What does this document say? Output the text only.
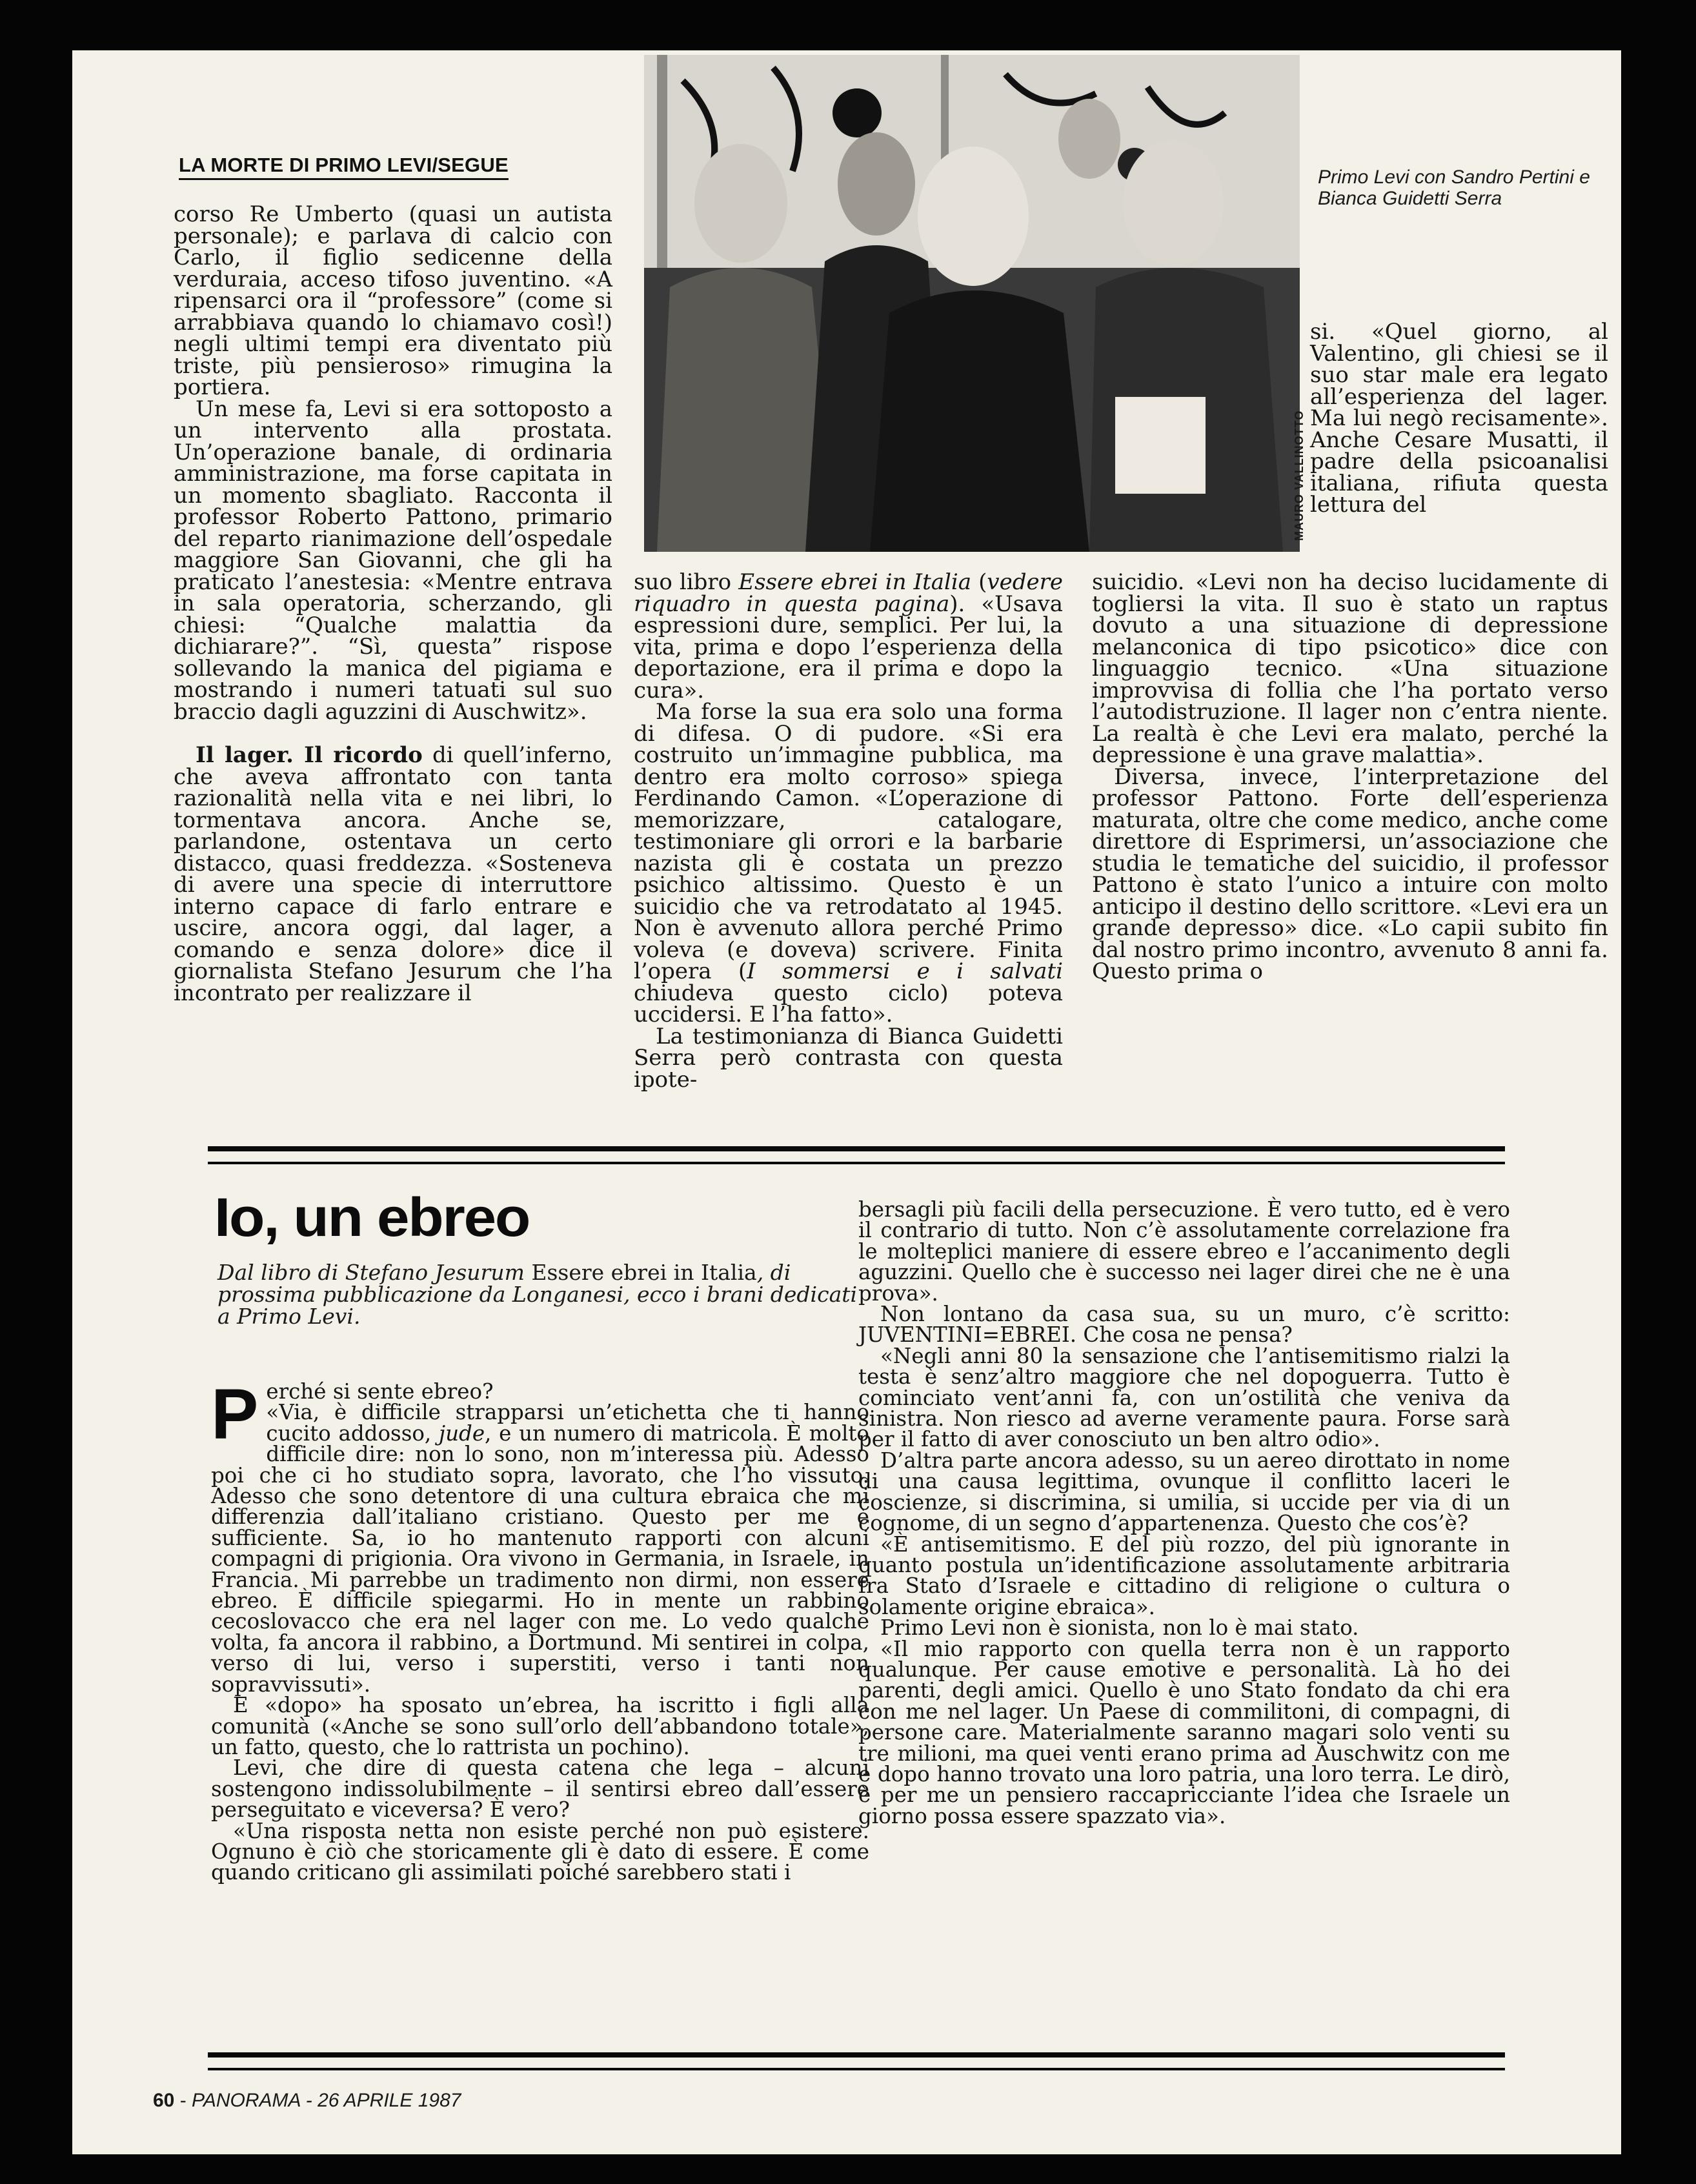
LA MORTE DI PRIMO LEVI/SEGUE

corso Re Umberto (quasi un autista personale); e parlava di calcio con Carlo, il figlio sedicenne della verduraia, acceso tifoso juventino. «A ripensarci ora il “professore” (come si arrabbiava quando lo chiamavo così!) negli ultimi tempi era diventato più triste, più pensieroso» rimugina la portiera.

Un mese fa, Levi si era sottoposto a un intervento alla prostata. Un’operazione banale, di ordinaria amministrazione, ma forse capitata in un momento sbagliato. Racconta il professor Roberto Pattono, primario del reparto rianimazione dell’ospedale maggiore San Giovanni, che gli ha praticato l’anestesia: «Mentre entrava in sala operatoria, scherzando, gli chiesi: “Qualche malattia da dichiarare?”. “Sì, questa” rispose sollevando la manica del pigiama e mostrando i numeri tatuati sul suo braccio dagli aguzzini di Auschwitz».

Il lager. Il ricordo di quell’inferno, che aveva affrontato con tanta razionalità nella vita e nei libri, lo tormentava ancora. Anche se, parlandone, ostentava un certo distacco, quasi freddezza. «Sosteneva di avere una specie di interruttore interno capace di farlo entrare e uscire, ancora oggi, dal lager, a comando e senza dolore» dice il giornalista Stefano Jesurum che l’ha incontrato per realizzare il

MAURO VALLINOTTO
Primo Levi con Sandro Pertini e Bianca Guidetti Serra

suo libro Essere ebrei in Italia (vedere riquadro in questa pagina). «Usava espressioni dure, semplici. Per lui, la vita, prima e dopo l’esperienza della deportazione, era il prima e dopo la cura».

Ma forse la sua era solo una forma di difesa. O di pudore. «Si era costruito un’immagine pubblica, ma dentro era molto corroso» spiega Ferdinando Camon. «L’operazione di memorizzare, catalogare, testimoniare gli orrori e la barbarie nazista gli è costata un prezzo psichico altissimo. Questo è un suicidio che va retrodatato al 1945. Non è avvenuto allora perché Primo voleva (e doveva) scrivere. Finita l’opera (I sommersi e i salvati chiudeva questo ciclo) poteva uccidersi. E l’ha fatto».

La testimonianza di Bianca Guidetti Serra però contrasta con questa ipote-

si. «Quel giorno, al Valentino, gli chiesi se il suo star male era legato all’esperienza del lager. Ma lui negò recisamente». Anche Cesare Musatti, il padre della psicoanalisi italiana, rifiuta questa lettura del

suicidio. «Levi non ha deciso lucidamente di togliersi la vita. Il suo è stato un raptus dovuto a una situazione di depressione melanconica di tipo psicotico» dice con linguaggio tecnico. «Una situazione improvvisa di follia che l’ha portato verso l’autodistruzione. Il lager non c’entra niente. La realtà è che Levi era malato, perché la depressione è una grave malattia».

Diversa, invece, l’interpretazione del professor Pattono. Forte dell’esperienza maturata, oltre che come medico, anche come direttore di Esprimersi, un’associazione che studia le tematiche del suicidio, il professor Pattono è stato l’unico a intuire con molto anticipo il destino dello scrittore. «Levi era un grande depresso» dice. «Lo capii subito fin dal nostro primo incontro, avvenuto 8 anni fa. Questo prima o

Io, un ebreo
Dal libro di Stefano Jesurum Essere ebrei in Italia, di prossima pubblicazione da Longanesi, ecco i brani dedicati a Primo Levi.

Perché si sente ebreo?

«Via, è difficile strapparsi un’etichetta che ti hanno cucito addosso, jude, e un numero di matricola. È molto difficile dire: non lo sono, non m’interessa più. Adesso poi che ci ho studiato sopra, lavorato, che l’ho vissuto. Adesso che sono detentore di una cultura ebraica che mi differenzia dall’italiano cristiano. Questo per me è sufficiente. Sa, io ho mantenuto rapporti con alcuni compagni di prigionia. Ora vivono in Germania, in Israele, in Francia. Mi parrebbe un tradimento non dirmi, non essere ebreo. È difficile spiegarmi. Ho in mente un rabbino cecoslovacco che era nel lager con me. Lo vedo qualche volta, fa ancora il rabbino, a Dortmund. Mi sentirei in colpa, verso di lui, verso i superstiti, verso i tanti non sopravvissuti».

E «dopo» ha sposato un’ebrea, ha iscritto i figli alla comunità («Anche se sono sull’orlo dell’abbandono totale», un fatto, questo, che lo rattrista un pochino).

Levi, che dire di questa catena che lega – alcuni sostengono indissolubilmente – il sentirsi ebreo dall’essere perseguitato e viceversa? È vero?

«Una risposta netta non esiste perché non può esistere. Ognuno è ciò che storicamente gli è dato di essere. È come quando criticano gli assimilati poiché sarebbero stati i

bersagli più facili della persecuzione. È vero tutto, ed è vero il contrario di tutto. Non c’è assolutamente correlazione fra le molteplici maniere di essere ebreo e l’accanimento degli aguzzini. Quello che è successo nei lager direi che ne è una prova».

Non lontano da casa sua, su un muro, c’è scritto: JUVENTINI=EBREI. Che cosa ne pensa?

«Negli anni 80 la sensazione che l’antisemitismo rialzi la testa è senz’altro maggiore che nel dopoguerra. Tutto è cominciato vent’anni fa, con un’ostilità che veniva da sinistra. Non riesco ad averne veramente paura. Forse sarà per il fatto di aver conosciuto un ben altro odio».

D’altra parte ancora adesso, su un aereo dirottato in nome di una causa legittima, ovunque il conflitto laceri le coscienze, si discrimina, si umilia, si uccide per via di un cognome, di un segno d’appartenenza. Questo che cos’è?

«È antisemitismo. E del più rozzo, del più ignorante in quanto postula un’identificazione assolutamente arbitraria fra Stato d’Israele e cittadino di religione o cultura o solamente origine ebraica».

Primo Levi non è sionista, non lo è mai stato.

«Il mio rapporto con quella terra non è un rapporto qualunque. Per cause emotive e personalità. Là ho dei parenti, degli amici. Quello è uno Stato fondato da chi era con me nel lager. Un Paese di commilitoni, di compagni, di persone care. Materialmente saranno magari solo venti su tre milioni, ma quei venti erano prima ad Auschwitz con me e dopo hanno trovato una loro patria, una loro terra. Le dirò, è per me un pensiero raccapricciante l’idea che Israele un giorno possa essere spazzato via».

60 - PANORAMA - 26 APRILE 1987
